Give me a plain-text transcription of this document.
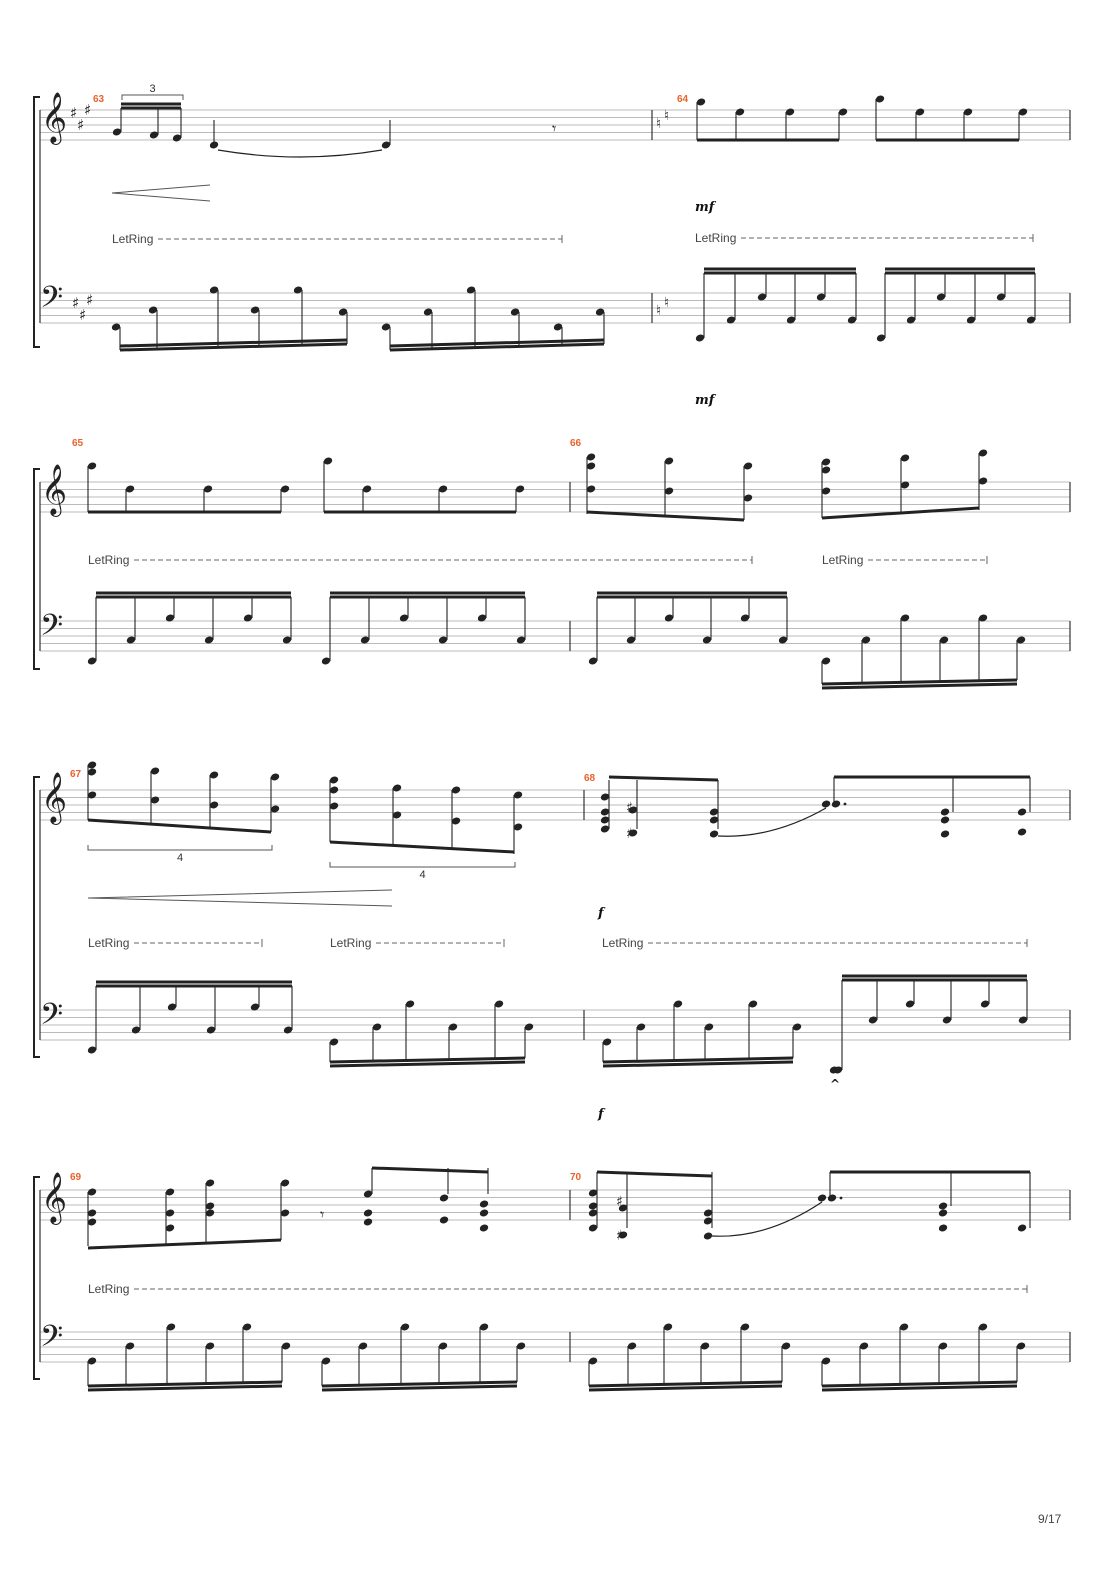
𝄞
𝄢
♯
♯
♯
♯
♯
♯
63
3
𝄾
LetRing
♮ ♮
♮ ♮
64
mf
LetRing
mf
𝄞
𝄢
65
LetRing
66
LetRing
𝄞
𝄢
67
4
4
LetRing	LetRing
68
♯
♯
f
LetRing
^
f
𝄞
𝄢
69
𝄾
LetRing
70
♯
♯
9/17
